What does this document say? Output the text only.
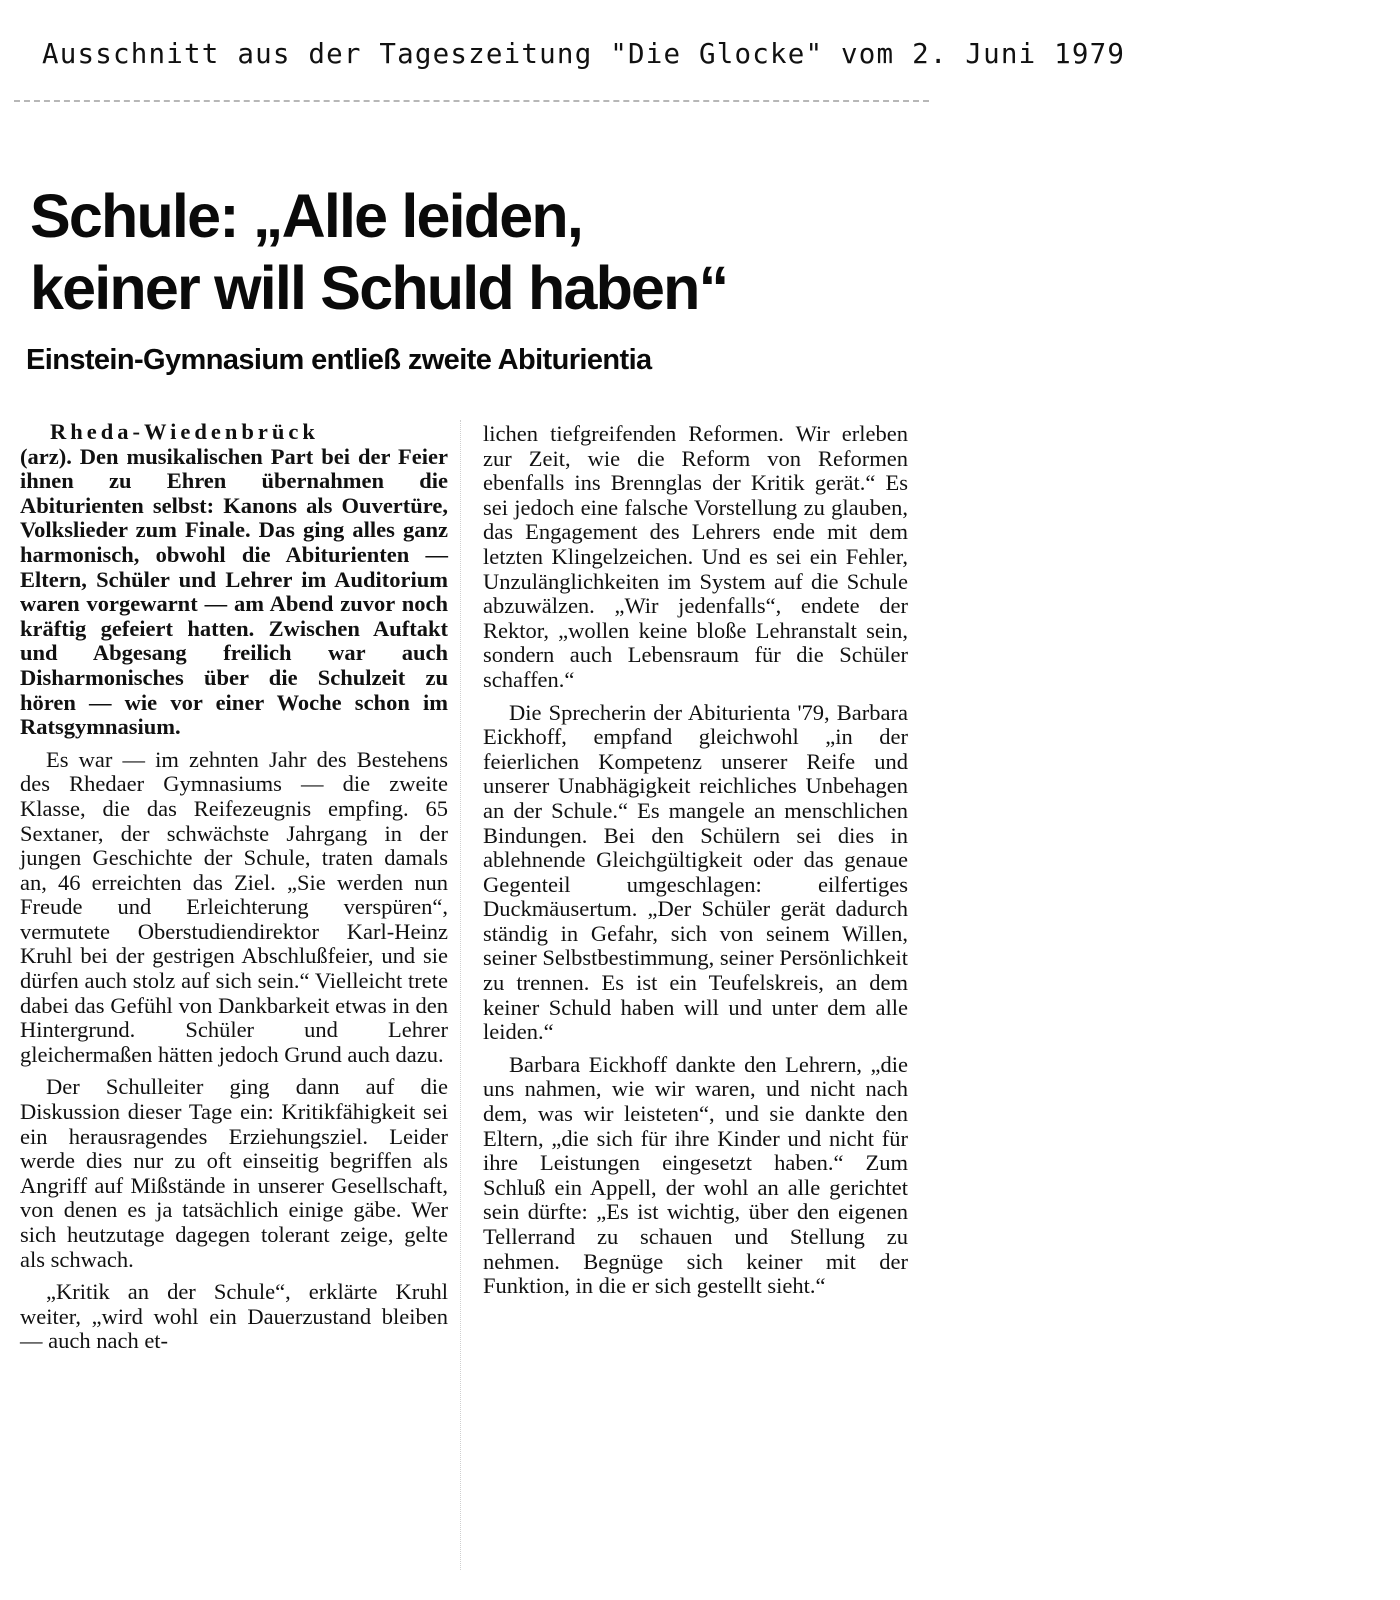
Ausschnitt aus der Tageszeitung "Die Glocke" vom 2. Juni 1979
Schule: „Alle leiden,
keiner will Schuld haben“
Einstein-Gymnasium entließ zweite Abiturientia

Rheda-Wiedenbrück
(arz). Den musikalischen Part bei der Feier ihnen zu Ehren übernahmen die Abiturienten selbst: Kanons als Ouvertüre, Volkslieder zum Finale. Das ging alles ganz harmonisch, obwohl die Abiturienten — Eltern, Schüler und Lehrer im Auditorium waren vorgewarnt — am Abend zuvor noch kräftig gefeiert hatten. Zwischen Auftakt und Abgesang freilich war auch Disharmonisches über die Schulzeit zu hören — wie vor einer Woche schon im Ratsgymnasium.

Es war — im zehnten Jahr des Bestehens des Rhedaer Gymnasiums — die zweite Klasse, die das Reifezeugnis empfing. 65 Sextaner, der schwächste Jahrgang in der jungen Geschichte der Schule, traten damals an, 46 erreichten das Ziel. „Sie werden nun Freude und Erleichterung verspüren“, vermutete Oberstudiendirektor Karl-Heinz Kruhl bei der gestrigen Abschlußfeier, und sie dürfen auch stolz auf sich sein.“ Vielleicht trete dabei das Gefühl von Dankbarkeit etwas in den Hintergrund. Schüler und Lehrer gleichermaßen hätten jedoch Grund auch dazu.

Der Schulleiter ging dann auf die Diskussion dieser Tage ein: Kritikfähigkeit sei ein herausragendes Erziehungsziel. Leider werde dies nur zu oft einseitig begriffen als Angriff auf Mißstände in unserer Gesellschaft, von denen es ja tatsächlich einige gäbe. Wer sich heutzutage dagegen tolerant zeige, gelte als schwach.

„Kritik an der Schule“, erklärte Kruhl weiter, „wird wohl ein Dauerzustand bleiben — auch nach et-

lichen tiefgreifenden Reformen. Wir erleben zur Zeit, wie die Reform von Reformen ebenfalls ins Brennglas der Kritik gerät.“ Es sei jedoch eine falsche Vorstellung zu glauben, das Engagement des Lehrers ende mit dem letzten Klingelzeichen. Und es sei ein Fehler, Unzulänglichkeiten im System auf die Schule abzuwälzen. „Wir jedenfalls“, endete der Rektor, „wollen keine bloße Lehranstalt sein, sondern auch Lebensraum für die Schüler schaffen.“

Die Sprecherin der Abiturienta '79, Barbara Eickhoff, empfand gleichwohl „in der feierlichen Kompetenz unserer Reife und unserer Unabhägigkeit reichliches Unbehagen an der Schule.“ Es mangele an menschlichen Bindungen. Bei den Schülern sei dies in ablehnende Gleichgültigkeit oder das genaue Gegenteil umgeschlagen: eilfertiges Duckmäusertum. „Der Schüler gerät dadurch ständig in Gefahr, sich von seinem Willen, seiner Selbstbestimmung, seiner Persönlichkeit zu trennen. Es ist ein Teufelskreis, an dem keiner Schuld haben will und unter dem alle leiden.“

Barbara Eickhoff dankte den Lehrern, „die uns nahmen, wie wir waren, und nicht nach dem, was wir leisteten“, und sie dankte den Eltern, „die sich für ihre Kinder und nicht für ihre Leistungen eingesetzt haben.“ Zum Schluß ein Appell, der wohl an alle gerichtet sein dürfte: „Es ist wichtig, über den eigenen Tellerrand zu schauen und Stellung zu nehmen. Begnüge sich keiner mit der Funktion, in die er sich gestellt sieht.“
